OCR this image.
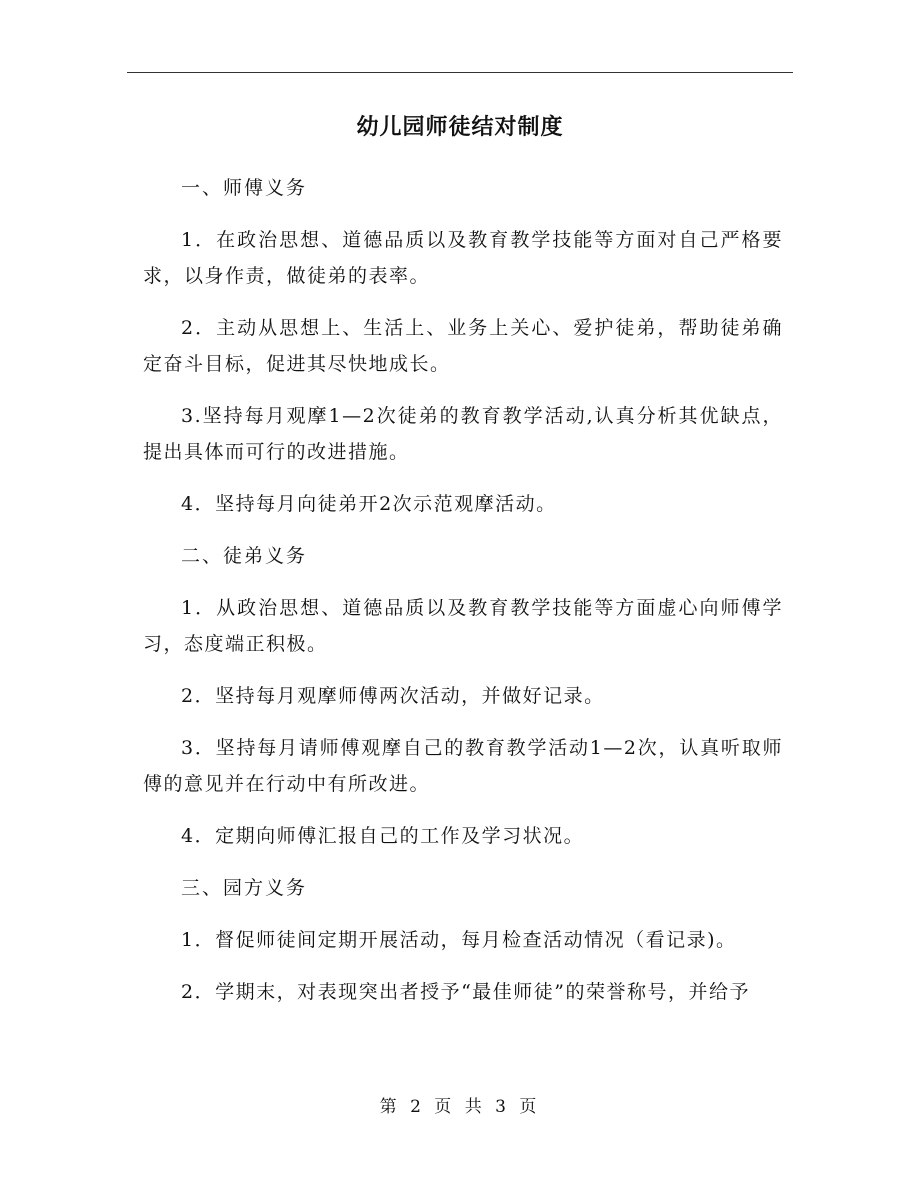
幼儿园师徒结对制度

一、师傅义务

1．在政治思想、道德品质以及教育教学技能等方面对自己严格要求，以身作责，做徒弟的表率。

2．主动从思想上、生活上、业务上关心、爱护徒弟，帮助徒弟确定奋斗目标，促进其尽快地成长。

3.坚持每月观摩1—2次徒弟的教育教学活动,认真分析其优缺点，提出具体而可行的改进措施。

4．坚持每月向徒弟开2次示范观摩活动。

二、徒弟义务

1．从政治思想、道德品质以及教育教学技能等方面虚心向师傅学习，态度端正积极。

2．坚持每月观摩师傅两次活动，并做好记录。

3．坚持每月请师傅观摩自己的教育教学活动1—2次，认真听取师傅的意见并在行动中有所改进。

4．定期向师傅汇报自己的工作及学习状况。

三、园方义务

1．督促师徒间定期开展活动，每月检查活动情况（看记录)。

2．学期末，对表现突出者授予“最佳师徒”的荣誉称号，并给予

第 2 页 共 3 页
